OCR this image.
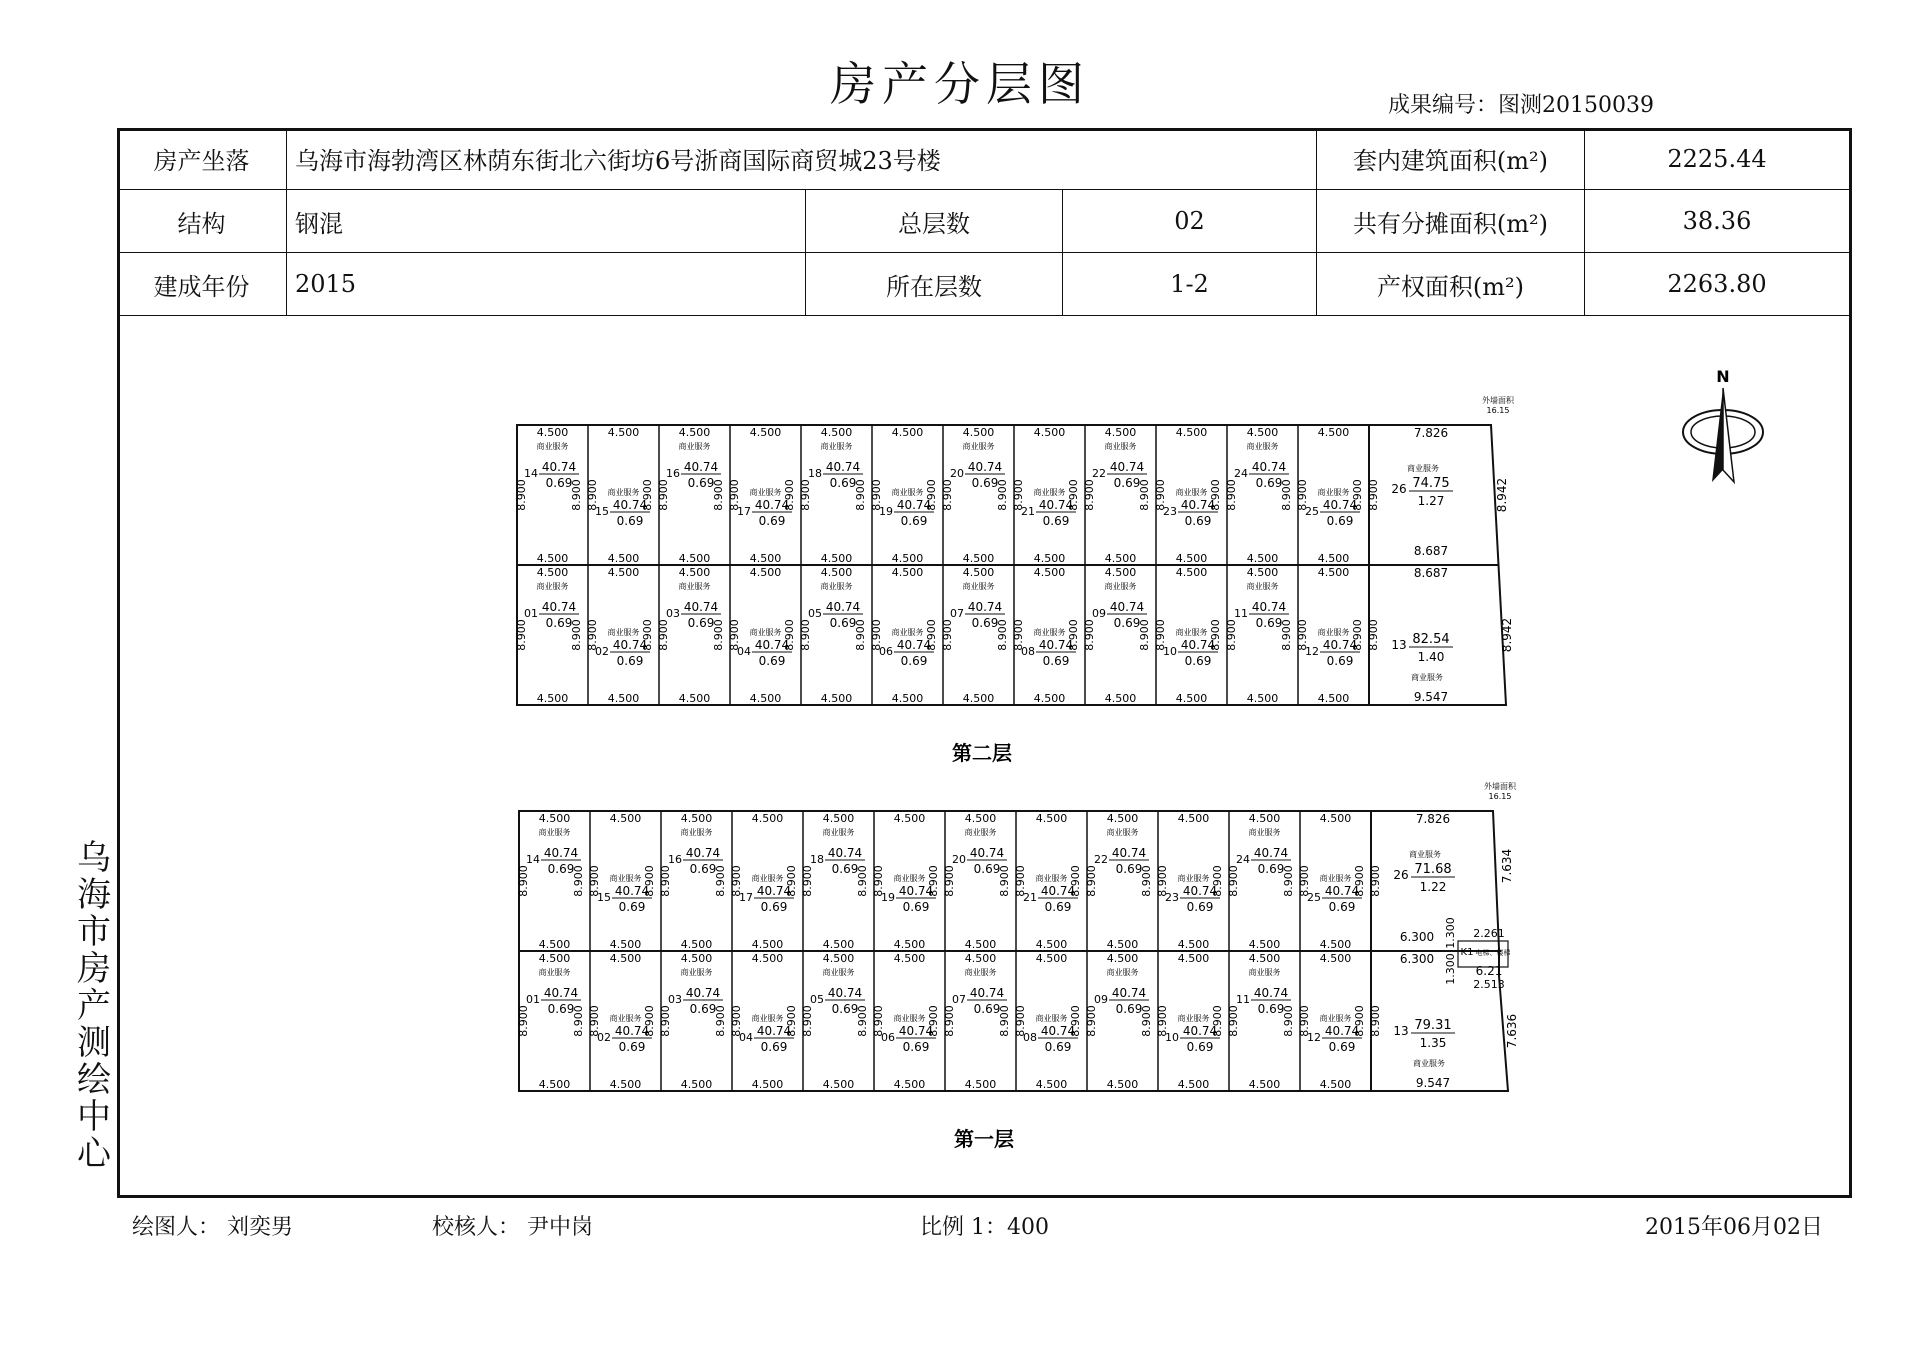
房产分层图	成果编号：图测20150039
房产坐落	乌海市海勃湾区林荫东街北六街坊6号浙商国际商贸城23号楼	套内建筑面积(m²)	2225.44
结构	钢混	总层数	02	共有分摊面积(m²)	38.36
建成年份	2015	所在层数	1-2	产权面积(m²)	2263.80
N
4.500
4.500
8.900	8.900
商业服务
14 40.74
0.69
4.500
4.500
8.900	8.900
商业服务
15 40.74
0.69
4.500
4.500
8.900	8.900
商业服务
16 40.74
0.69
4.500
4.500
8.900	8.900
商业服务
17 40.74
0.69
4.500
4.500
8.900	8.900
商业服务
18 40.74
0.69
4.500
4.500
8.900	8.900
商业服务
19 40.74
0.69
4.500
4.500
8.900	8.900
商业服务
20 40.74
0.69
4.500
4.500
8.900	8.900
商业服务
21 40.74
0.69
4.500
4.500
8.900	8.900
商业服务
22 40.74
0.69
4.500
4.500
8.900	8.900
商业服务
23 40.74
0.69
4.500
4.500
8.900	8.900
商业服务
24 40.74
0.69
4.500
4.500
8.900	8.900
商业服务
25 40.74
0.69
4.500
4.500
8.900	8.900
商业服务
01 40.74
0.69
4.500
4.500
8.900	8.900
商业服务
02 40.74
0.69
4.500
4.500
8.900	8.900
商业服务
03 40.74
0.69
4.500
4.500
8.900	8.900
商业服务
04 40.74
0.69
4.500
4.500
8.900	8.900
商业服务
05 40.74
0.69
4.500
4.500
8.900	8.900
商业服务
06 40.74
0.69
4.500
4.500
8.900	8.900
商业服务
07 40.74
0.69
4.500
4.500
8.900	8.900
商业服务
08 40.74
0.69
4.500
4.500
8.900	8.900
商业服务
09 40.74
0.69
4.500
4.500
8.900	8.900
商业服务
10 40.74
0.69
4.500
4.500
8.900	8.900
商业服务
11 40.74
0.69
4.500
4.500
8.900	8.900
商业服务
12 40.74
0.69
7.826
商业服务
26 74.75
1.27
8.900
8.900
商业服务
13 82.54
1.40
9.547
8.687
8.687
8.942
8.942
外墙面积
16.15
第二层
4.500
4.500
8.900	8.900
商业服务
14 40.74
0.69
4.500
4.500
8.900	8.900
商业服务
15 40.74
0.69
4.500
4.500
8.900	8.900
商业服务
16 40.74
0.69
4.500
4.500
8.900	8.900
商业服务
17 40.74
0.69
4.500
4.500
8.900	8.900
商业服务
18 40.74
0.69
4.500
4.500
8.900	8.900
商业服务
19 40.74
0.69
4.500
4.500
8.900	8.900
商业服务
20 40.74
0.69
4.500
4.500
8.900	8.900
商业服务
21 40.74
0.69
4.500
4.500
8.900	8.900
商业服务
22 40.74
0.69
4.500
4.500
8.900	8.900
商业服务
23 40.74
0.69
4.500
4.500
8.900	8.900
商业服务
24 40.74
0.69
4.500
4.500
8.900	8.900
商业服务
25 40.74
0.69
4.500
4.500
8.900	8.900
商业服务
01 40.74
0.69
4.500
4.500
8.900	8.900
商业服务
02 40.74
0.69
4.500
4.500
8.900	8.900
商业服务
03 40.74
0.69
4.500
4.500
8.900	8.900
商业服务
04 40.74
0.69
4.500
4.500
8.900	8.900
商业服务
05 40.74
0.69
4.500
4.500
8.900	8.900
商业服务
06 40.74
0.69
4.500
4.500
8.900	8.900
商业服务
07 40.74
0.69
4.500
4.500
8.900	8.900
商业服务
08 40.74
0.69
4.500
4.500
8.900	8.900
商业服务
09 40.74
0.69
4.500
4.500
8.900	8.900
商业服务
10 40.74
0.69
4.500
4.500
8.900	8.900
商业服务
11 40.74
0.69
4.500
4.500
8.900	8.900
商业服务
12 40.74
0.69
7.826
商业服务
26 71.68
1.22
8.900
8.900
商业服务
13 79.31
1.35
9.547
7.634
7.636
6.300
6.300
1.300
1.300
K1 电梯、楼梯
2.261
6.21
2.513
外墙面积
16.15
第一层
乌海市房产测绘中心
绘图人： 刘奕男	校核人： 尹中岗	比例 1：400	2015年06月02日
